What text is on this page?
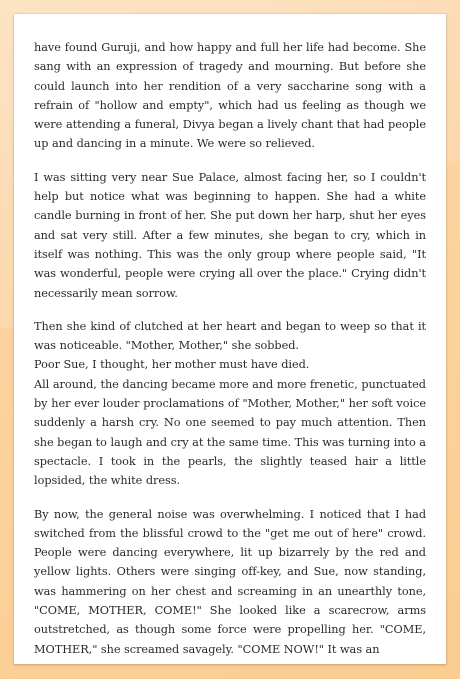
have found Guruji, and how happy and full her life had become. She sang with an expression of tragedy and mourning. But before she could launch into her rendition of a very saccharine song with a refrain of "hollow and empty", which had us feeling as though we were attending a funeral, Divya began a lively chant that had people up and dancing in a minute. We were so relieved.

I was sitting very near Sue Palace, almost facing her, so I couldn't help but notice what was beginning to happen. She had a white candle burning in front of her. She put down her harp, shut her eyes and sat very still. After a few minutes, she began to cry, which in itself was nothing. This was the only group where people said, "It was wonderful, people were crying all over the place." Crying didn't necessarily mean sorrow.

Then she kind of clutched at her heart and began to weep so that it was noticeable. "Mother, Mother," she sobbed.

Poor Sue, I thought, her mother must have died.

All around, the dancing became more and more frenetic, punctuated by her ever louder proclamations of "Mother, Mother," her soft voice suddenly a harsh cry. No one seemed to pay much attention. Then she began to laugh and cry at the same time. This was turning into a spectacle. I took in the pearls, the slightly teased hair a little lopsided, the white dress.

By now, the general noise was overwhelming. I noticed that I had switched from the blissful crowd to the "get me out of here" crowd. People were dancing everywhere, lit up bizarrely by the red and yellow lights. Others were singing off-key, and Sue, now standing, was hammering on her chest and screaming in an unearthly tone, "COME, MOTHER, COME!" She looked like a scarecrow, arms outstretched, as though some force were propelling her. "COME, MOTHER," she screamed savagely. "COME NOW!" It was an
